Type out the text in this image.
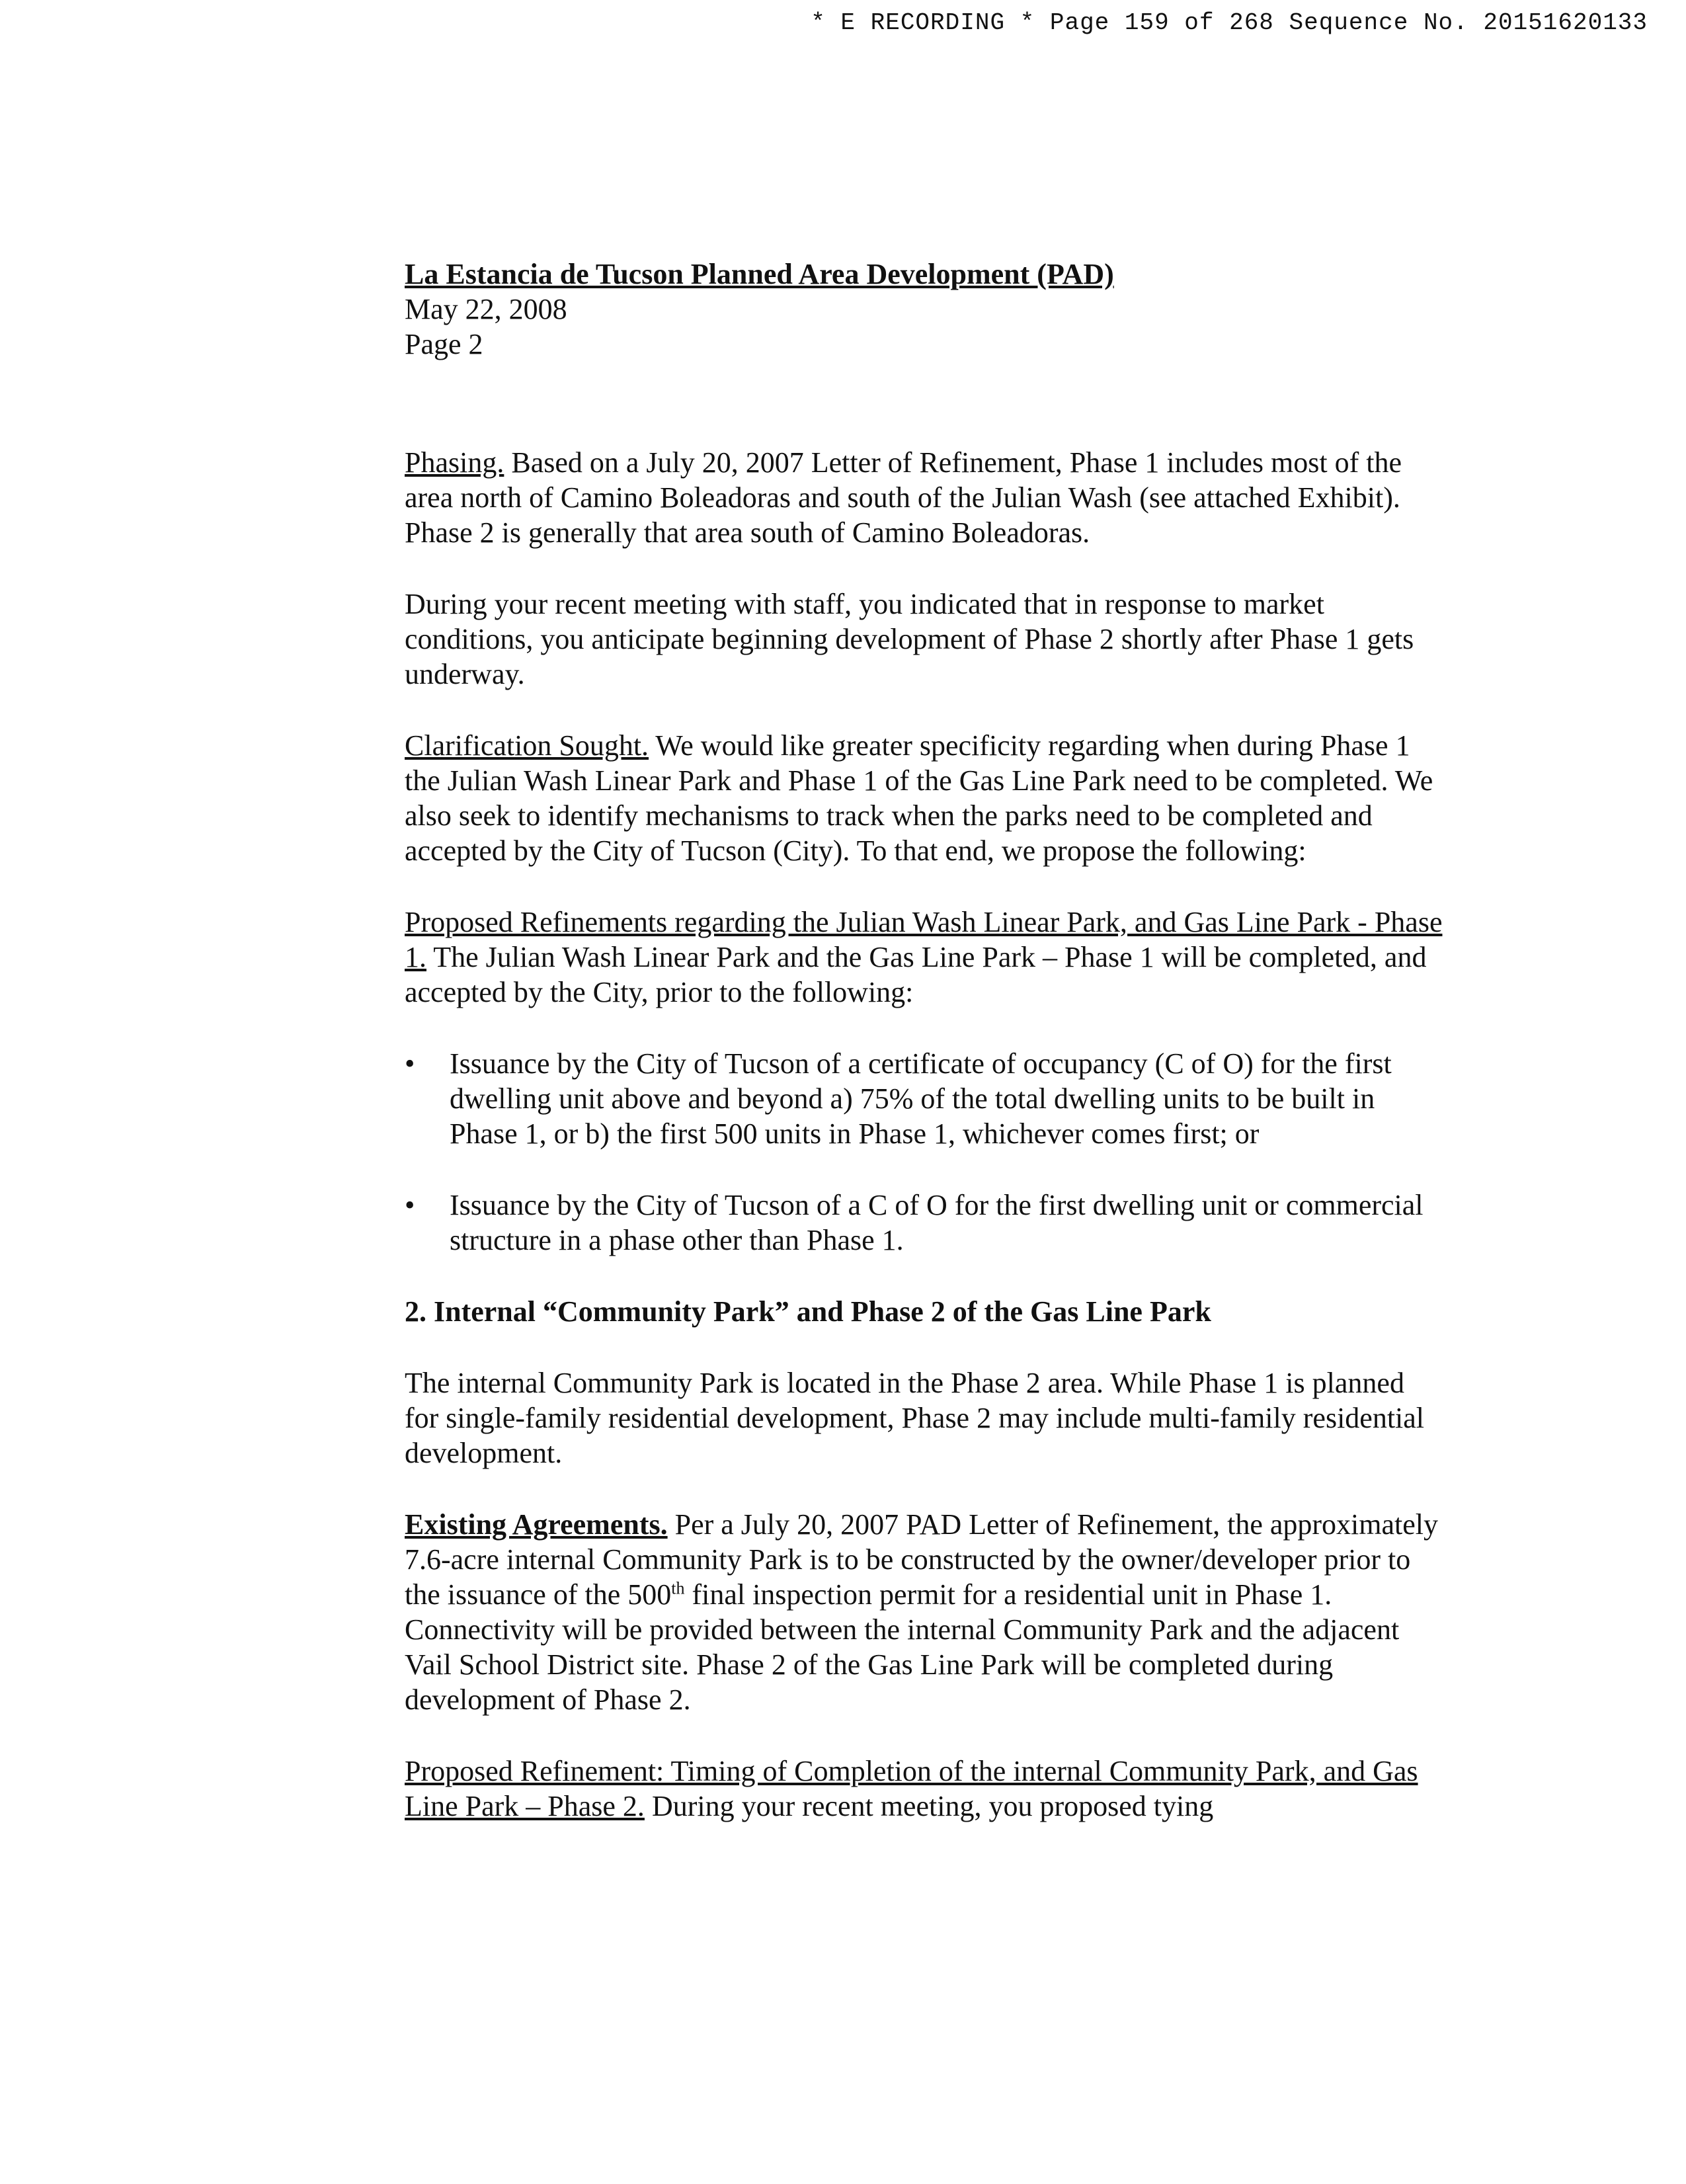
* E RECORDING * Page 159 of 268 Sequence No. 20151620133
La Estancia de Tucson Planned Area Development (PAD)
May 22, 2008
Page 2

Phasing. Based on a July 20, 2007 Letter of Refinement, Phase 1 includes most of the area north of Camino Boleadoras and south of the Julian Wash (see attached Exhibit). Phase 2 is generally that area south of Camino Boleadoras.

During your recent meeting with staff, you indicated that in response to market conditions, you anticipate beginning development of Phase 2 shortly after Phase 1 gets underway.

Clarification Sought. We would like greater specificity regarding when during Phase 1 the Julian Wash Linear Park and Phase 1 of the Gas Line Park need to be completed. We also seek to identify mechanisms to track when the parks need to be completed and accepted by the City of Tucson (City). To that end, we propose the following:

Proposed Refinements regarding the Julian Wash Linear Park, and Gas Line Park - Phase 1. The Julian Wash Linear Park and the Gas Line Park – Phase 1 will be completed, and accepted by the City, prior to the following:

•	Issuance by the City of Tucson of a certificate of occupancy (C of O) for the first dwelling unit above and beyond a) 75% of the total dwelling units to be built in Phase 1, or b) the first 500 units in Phase 1, whichever comes first; or
•	Issuance by the City of Tucson of a C of O for the first dwelling unit or commercial structure in a phase other than Phase 1.

2. Internal “Community Park” and Phase 2 of the Gas Line Park

The internal Community Park is located in the Phase 2 area. While Phase 1 is planned for single-family residential development, Phase 2 may include multi-family residential development.

Existing Agreements. Per a July 20, 2007 PAD Letter of Refinement, the approximately 7.6-acre internal Community Park is to be constructed by the owner/developer prior to the issuance of the 500th final inspection permit for a residential unit in Phase 1. Connectivity will be provided between the internal Community Park and the adjacent Vail School District site. Phase 2 of the Gas Line Park will be completed during development of Phase 2.

Proposed Refinement: Timing of Completion of the internal Community Park, and Gas Line Park – Phase 2. During your recent meeting, you proposed tying
